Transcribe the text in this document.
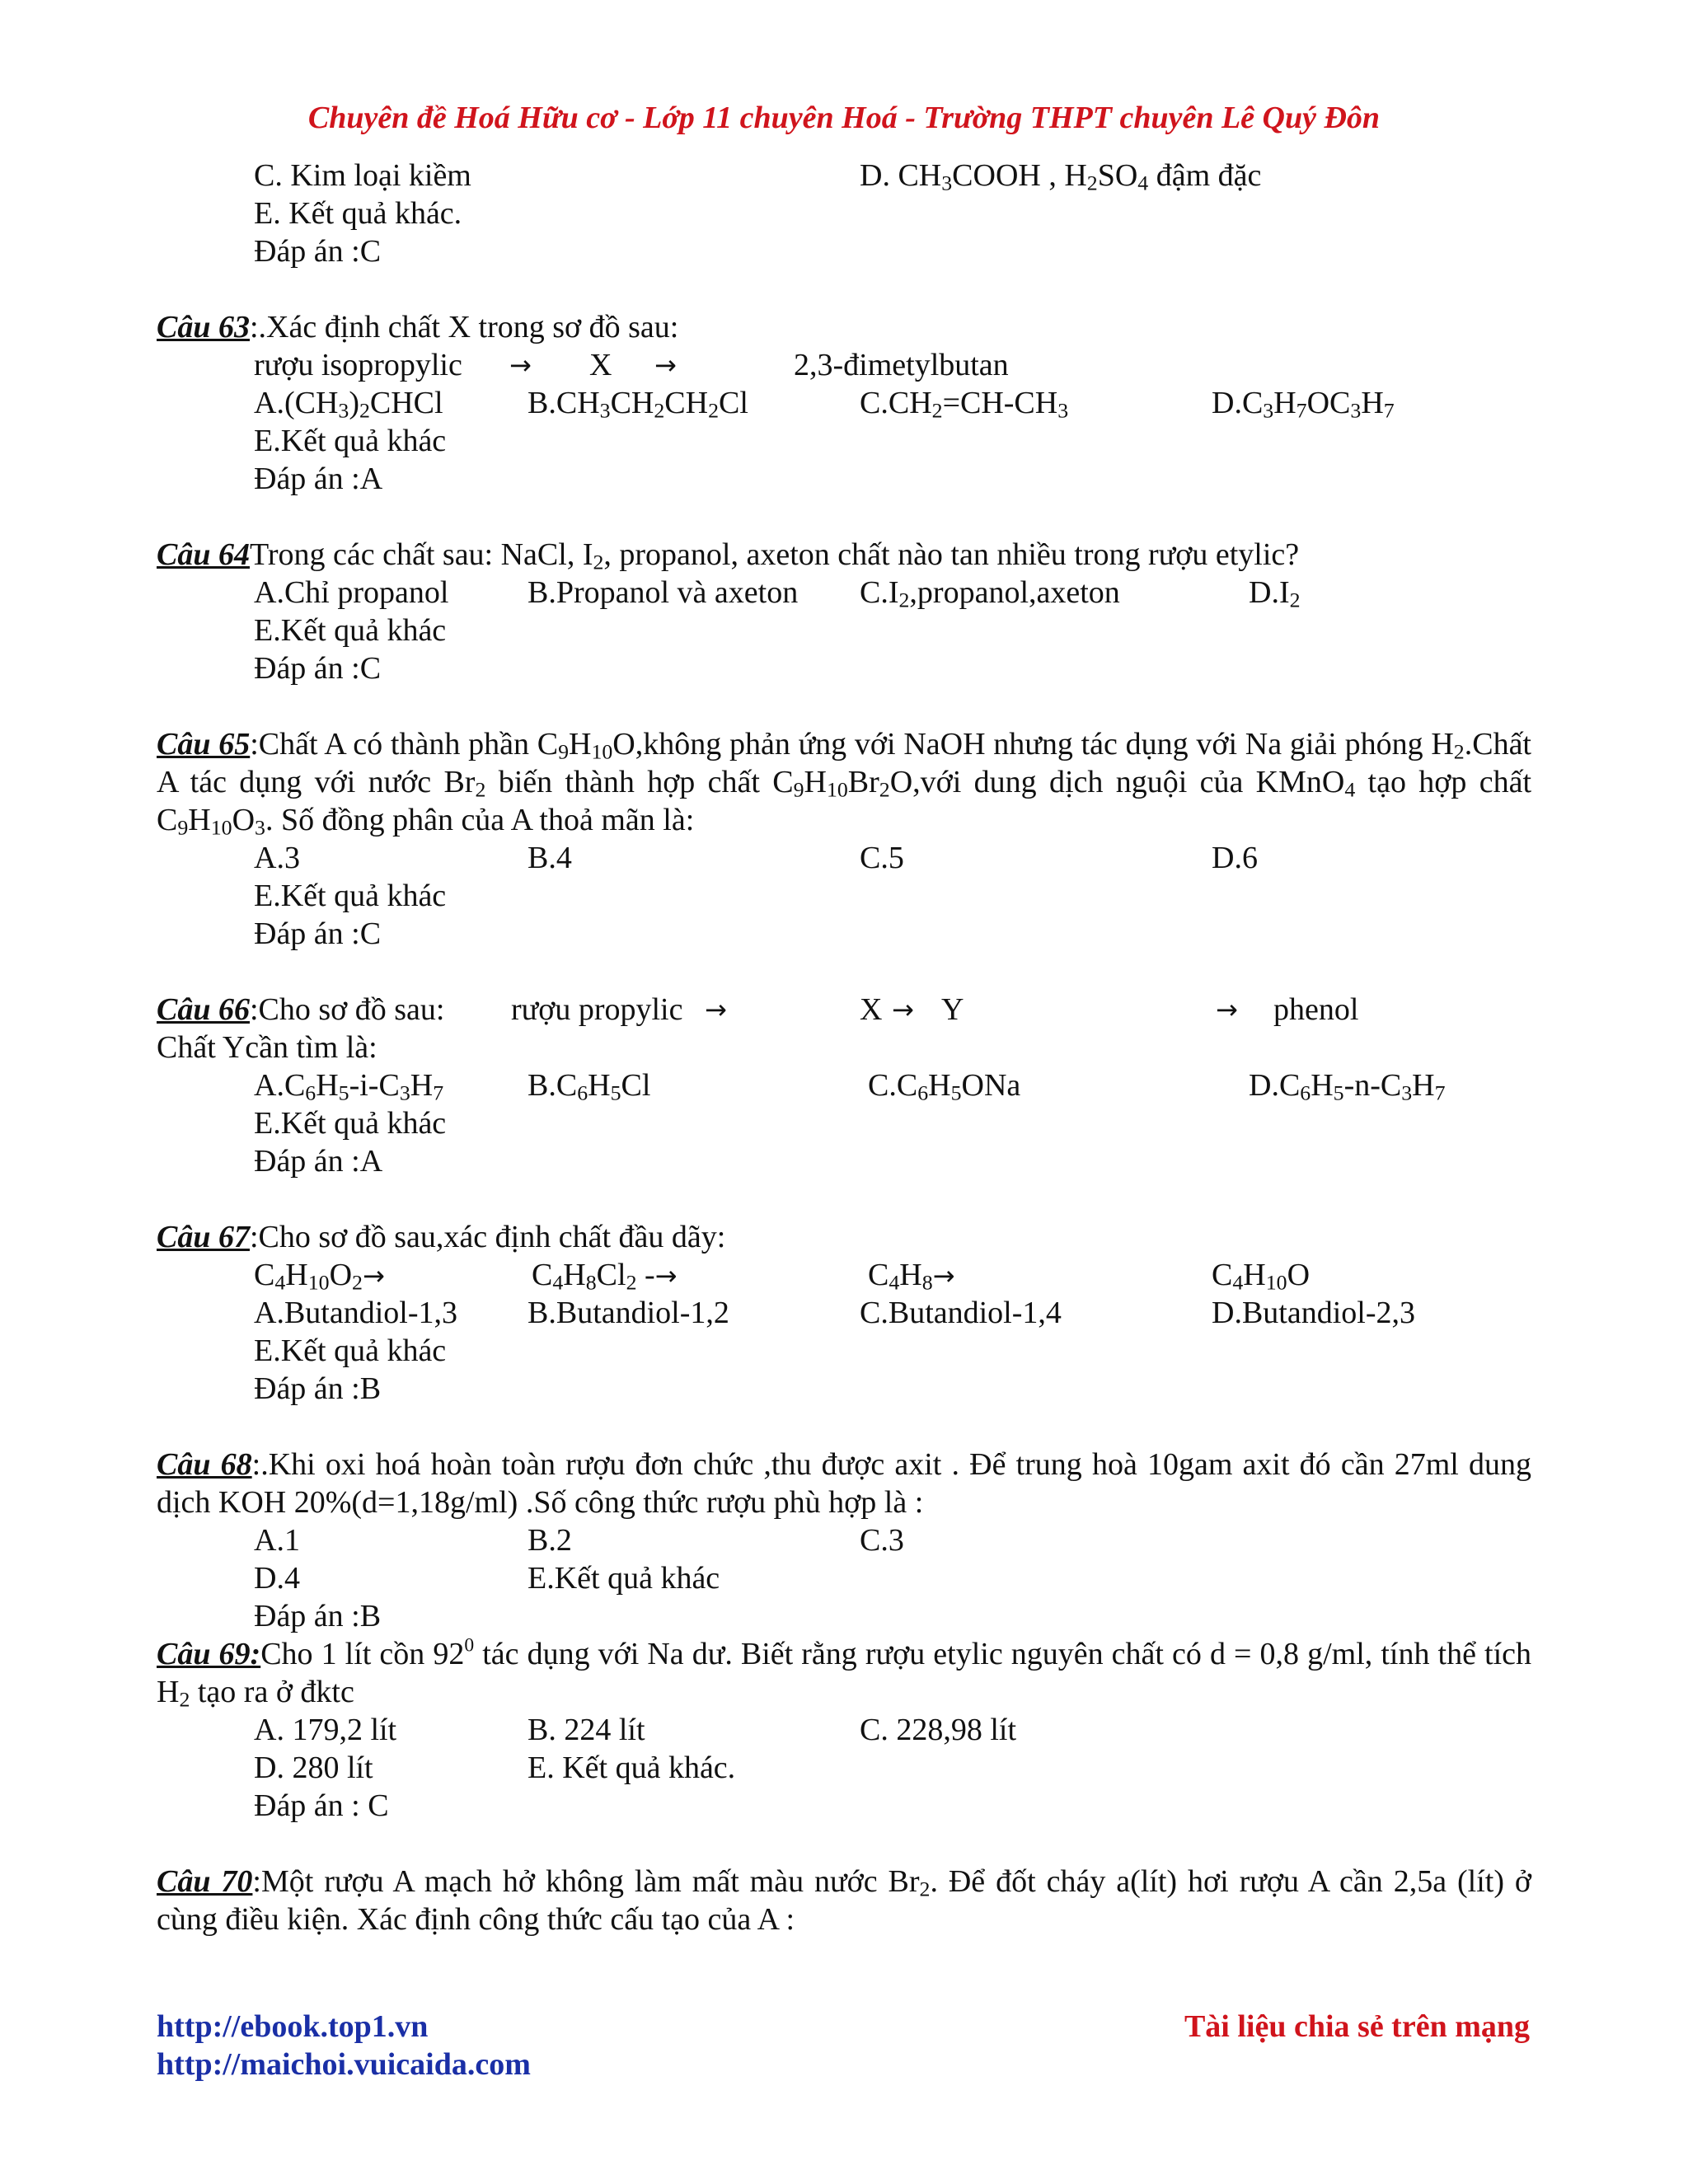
Chuyên đề Hoá Hữu cơ - Lớp 11 chuyên Hoá - Trường THPT chuyên Lê Quý Đôn
C. Kim loại kiềm	D. $CH_3COOH$ , $H_2SO_4$ đậm đặc
E. Kết quả khác.
Đáp án :C
Câu 63:.Xác định chất X trong sơ đồ sau:
rượu isopropylic → X →	2,3-đimetylbutan
$A.(CH_3)_2CHCl$	$B.CH_3CH_2CH_2Cl$	$C.CH_2=CH-CH_3$	$D.C_3H_7OC_3H_7$
E.Kết quả khác
Đáp án :A
Câu 64Trong các chất sau: NaCl, $I_2$, propanol, axeton chất nào tan nhiều trong rượu etylic?
A.Chỉ propanol	B.Propanol và axeton $C.I_2,propanol,axeton$	$D.I_2$
E.Kết quả khác
Đáp án :C
Câu 65:Chất A có thành phần $C_9H_{10}O,không$ phản ứng với NaOH nhưng tác dụng với Na giải phóng $H_2.Chất$ A tác dụng với nước $Br_2$ biến thành hợp chất $C_9H_{10}Br_2O,với$ dung dịch nguội của KMnO$_4$ tạo hợp chất $C_9H_{10}O_3$. Số đồng phân của A thoả mãn là:
A.3	B.4	C.5	D.6
E.Kết quả khác
Đáp án :C
Câu 66:Cho sơ đồ sau: rượu propylic →	X → Y	→ phenol
Chất Ycần tìm là:
$A.C_6H_5-i-C_3H_7$	$B.C_6H_5Cl$	$C.C_6H_5ONa$	$D.C_6H_5-n-C_3H_7$
E.Kết quả khác
Đáp án :A
Câu 67:Cho sơ đồ sau,xác định chất đầu dãy:
$C_4H_{10}O_2\to$	$C_4H_8Cl_2$ -→	$C_4H_8\to$	$C_4H_{10}O$
A.Butandiol-1,3 B.Butandiol-1,2	C.Butandiol-1,4	D.Butandiol-2,3
E.Kết quả khác
Đáp án :B
Câu 68:.Khi oxi hoá hoàn toàn rượu đơn chức ,thu được axit . Để trung hoà 10gam axit đó cần 27ml dung dịch KOH 20%(d=1,18g/ml) .Số công thức rượu phù hợp là :
A.1	B.2	C.3
D.4	E.Kết quả khác
Đáp án :B
Câu 69:Cho 1 lít cồn $92^0$ tác dụng với Na dư. Biết rằng rượu etylic nguyên chất có d = 0,8 g/ml, tính thể tích $H_2$ tạo ra ở đktc
A. 179,2 lít	B. 224 lít	C. 228,98 lít
D. 280 lít	E. Kết quả khác.
Đáp án : C
Câu 70:Một rượu A mạch hở không làm mất màu nước $Br_2$. Để đốt cháy a(lít) hơi rượu A cần 2,5a (lít) ở cùng điều kiện. Xác định công thức cấu tạo của A :
http://ebook.top1.vn
http://maichoi.vuicaida.com
Tài liệu chia sẻ trên mạng
